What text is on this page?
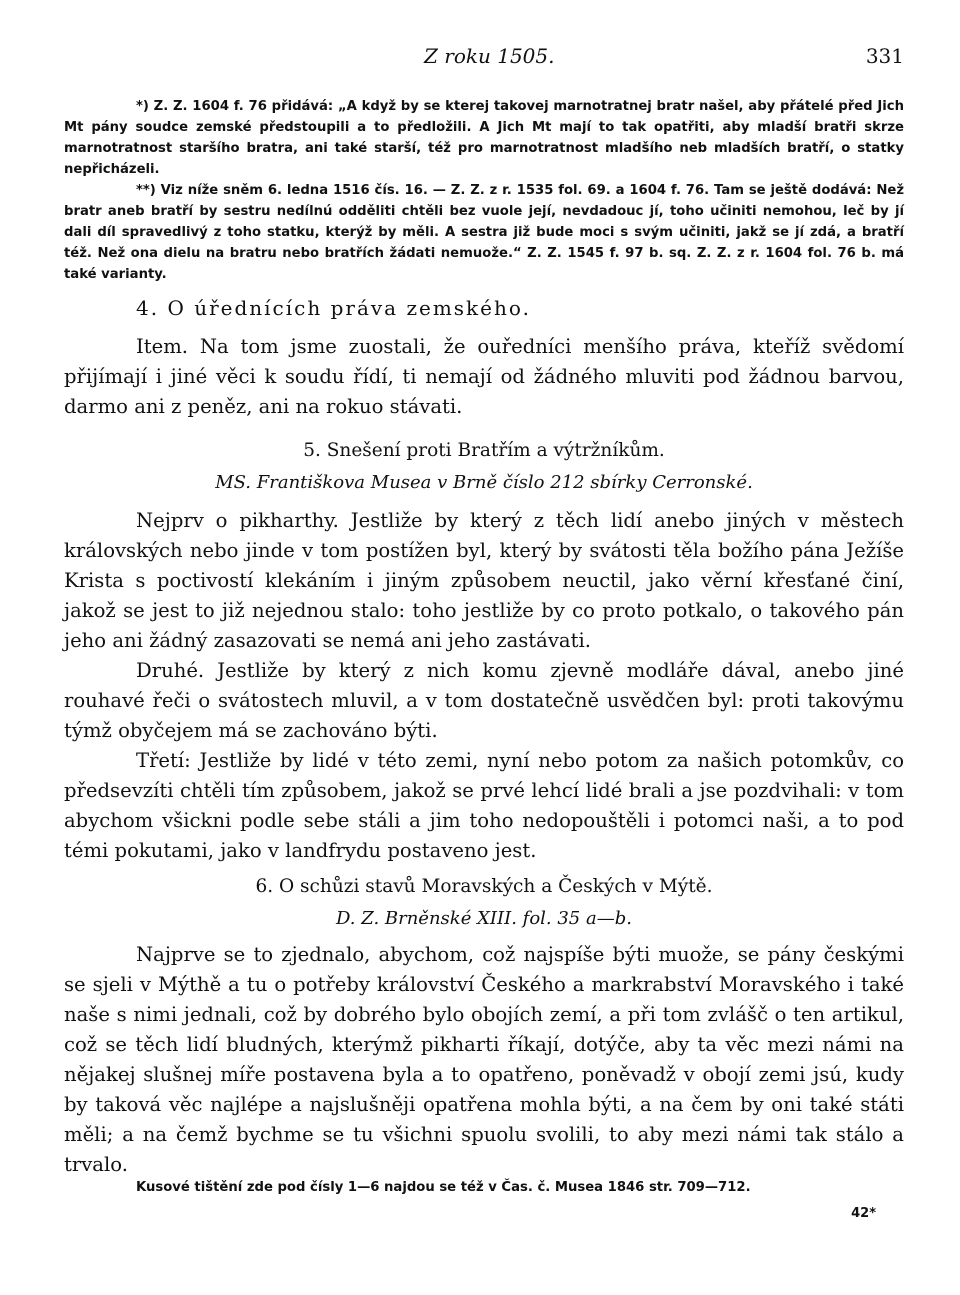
Z roku 1505.	331

*) Z. Z. 1604 f. 76 přidává: „A když by se kterej takovej marnotratnej bratr našel, aby přátelé před Jich Mt pány soudce zemské předstoupili a to předložili. A Jich Mt mají to tak opatřiti, aby mladší bratři skrze marnotratnost staršího bratra, ani také starší, též pro marnotratnost mladšího neb mladších bratří, o statky nepřicházeli.

**) Viz níže sněm 6. ledna 1516 čís. 16. — Z. Z. z r. 1535 fol. 69. a 1604 f. 76. Tam se ještě dodává: Než bratr aneb bratří by sestru nedílnú odděliti chtěli bez vuole její, nevdadouc jí, toho učiniti nemohou, leč by jí dali díl spravedlivý z toho statku, kterýž by měli. A sestra již bude moci s svým učiniti, jakž se jí zdá, a bratří též. Než ona dielu na bratru nebo bratřích žádati nemuože.“ Z. Z. 1545 f. 97 b. sq. Z. Z. z r. 1604 fol. 76 b. má také varianty.

4. O úřednících práva zemského.

Item. Na tom jsme zuostali, že ouředníci menšího práva, kteříž svědomí přijímají i jiné věci k soudu řídí, ti nemají od žádného mluviti pod žádnou barvou, darmo ani z peněz, ani na rokuo stávati.

5. Snešení proti Bratřím a výtržníkům.
MS. Františkova Musea v Brně číslo 212 sbírky Cerronské.

Nejprv o pikharthy. Jestliže by který z těch lidí anebo jiných v městech královských nebo jinde v tom postížen byl, který by svátosti těla božího pána Ježíše Krista s poctivostí klekáním i jiným způsobem neuctil, jako věrní křesťané činí, jakož se jest to již nejednou stalo: toho jestliže by co proto potkalo, o takového pán jeho ani žádný zasazovati se nemá ani jeho zastávati.

Druhé. Jestliže by který z nich komu zjevně modláře dával, anebo jiné rouhavé řeči o svátostech mluvil, a v tom dostatečně usvědčen byl: proti takovýmu týmž obyčejem má se zachováno býti.

Třetí: Jestliže by lidé v této zemi, nyní nebo potom za našich potomkův, co předsevzíti chtěli tím způsobem, jakož se prvé lehcí lidé brali a jse pozdvihali: v tom abychom všickni podle sebe stáli a jim toho nedopouštěli i potomci naši, a to pod témi pokutami, jako v landfrydu postaveno jest.

6. O schůzi stavů Moravských a Českých v Mýtě.
D. Z. Brněnské XIII. fol. 35 a—b.

Najprve se to zjednalo, abychom, což najspíše býti muože, se pány českými se sjeli v Mýthě a tu o potřeby království Českého a markrabství Moravského i také naše s nimi jednali, což by dobrého bylo obojích zemí, a při tom zvlášč o ten artikul, což se těch lidí bludných, kterýmž pikharti říkají, dotýče, aby ta věc mezi námi na nějakej slušnej míře postavena byla a to opatřeno, poněvadž v obojí zemi jsú, kudy by taková věc najlépe a najslušněji opatřena mohla býti, a na čem by oni také státi měli; a na čemž bychme se tu všichni spuolu svolili, to aby mezi námi tak stálo a trvalo.

Kusové tištění zde pod čísly 1—6 najdou se též v Čas. č. Musea 1846 str. 709—712.
42*
